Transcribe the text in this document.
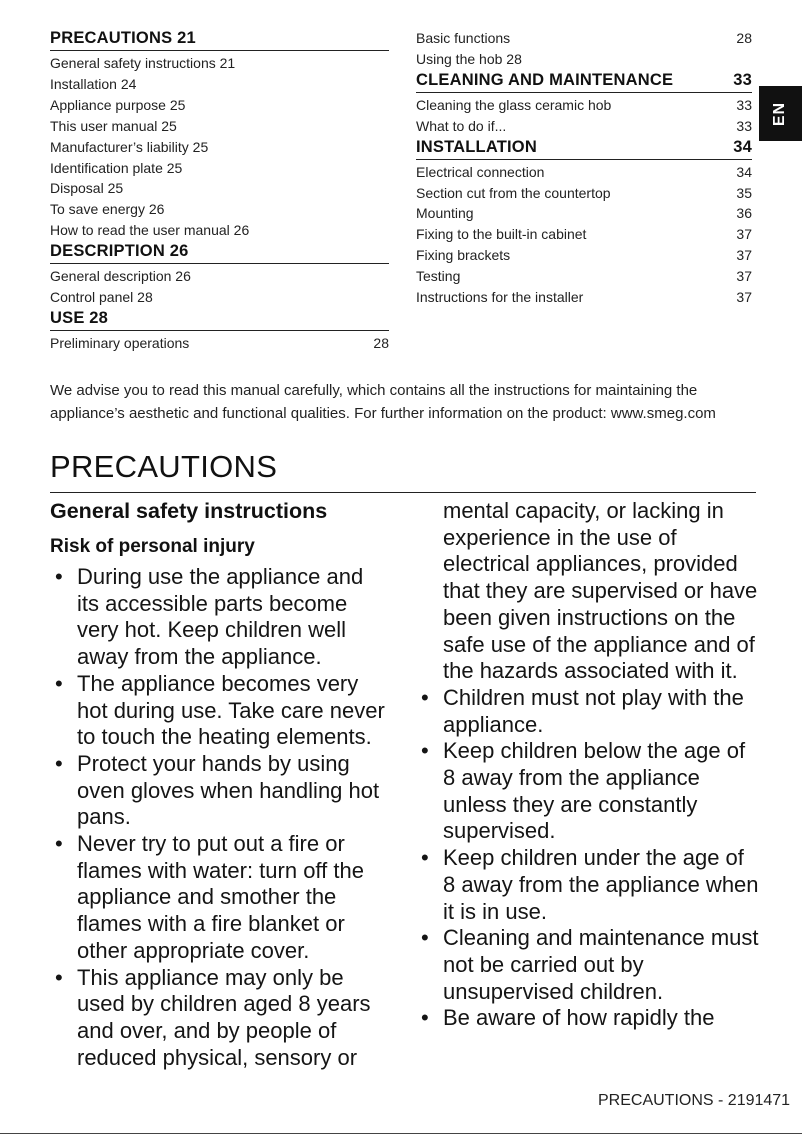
PRECAUTIONS 21
General safety instructions 21
Installation 24
Appliance purpose 25
This user manual 25
Manufacturer’s liability 25
Identification plate 25
Disposal 25
To save energy 26
How to read the user manual 26
DESCRIPTION 26
General description 26
Control panel 28
USE 28
Preliminary operations	28
Basic functions	28
Using the hob 28
CLEANING AND MAINTENANCE	33
Cleaning the glass ceramic hob	33
What to do if...	33
INSTALLATION	34
Electrical connection	34
Section cut from the countertop	35
Mounting	36
Fixing to the built-in cabinet	37
Fixing brackets	37
Testing	37
Instructions for the installer	37
EN
We advise you to read this manual carefully, which contains all the instructions for maintaining the appliance’s aesthetic and functional qualities. For further information on the product: www.smeg.com
PRECAUTIONS
General safety instructions
Risk of personal injury
• During use the appliance and its accessible parts become very hot. Keep children well away from the appliance.
• The appliance becomes very hot during use. Take care never to touch the heating elements.
• Protect your hands by using oven gloves when handling hot pans.
• Never try to put out a fire or flames with water: turn off the appliance and smother the flames with a fire blanket or other appropriate cover.
• This appliance may only be used by children aged 8 years and over, and by people of reduced physical, sensory or
mental capacity, or lacking in experience in the use of electrical appliances, provided that they are supervised or have been given instructions on the safe use of the appliance and of the hazards associated with it.
• Children must not play with the appliance.
• Keep children below the age of 8 away from the appliance unless they are constantly supervised.
• Keep children under the age of 8 away from the appliance when it is in use.
• Cleaning and maintenance must not be carried out by unsupervised children.
• Be aware of how rapidly the
PRECAUTIONS - 2191471
